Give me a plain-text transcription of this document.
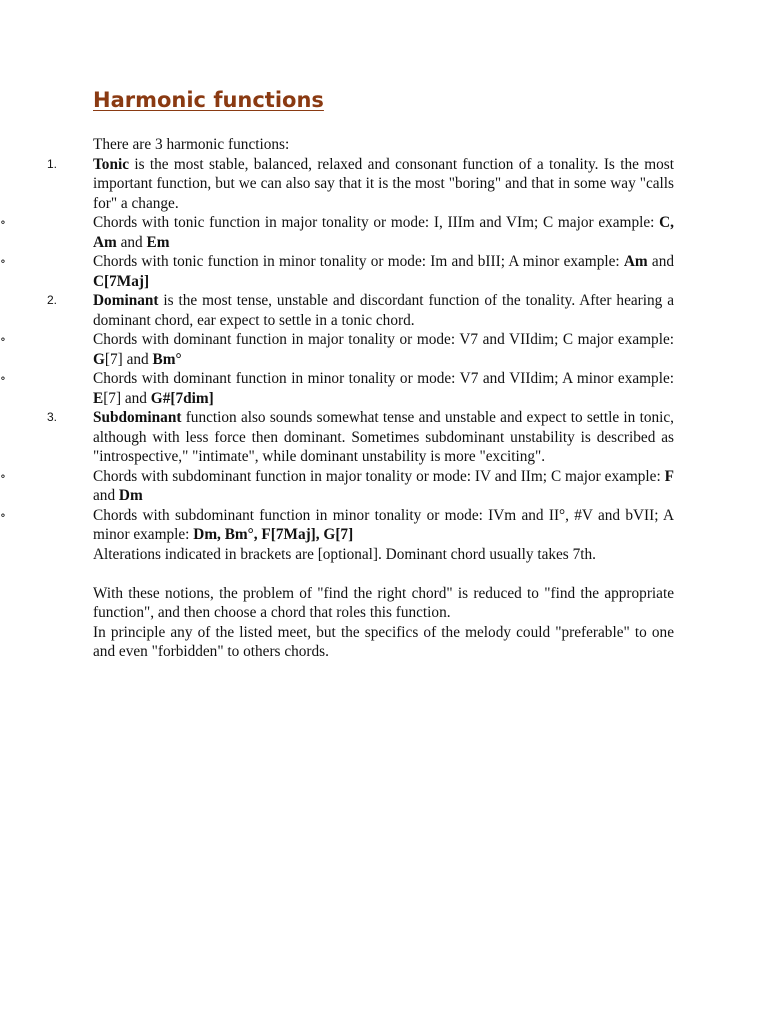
Harmonic functions

There are 3 harmonic functions:

1. Tonic is the most stable, balanced, relaxed and consonant function of a tonality. Is the most important function, but we can also say that it is the most "boring" and that in some way "calls for" a change.

∘	Chords with tonic function in major tonality or mode: I, IIIm and VIm; C major example: C, Am and Em

∘	Chords with tonic function in minor tonality or mode: Im and bIII; A minor example: Am and C[7Maj]

2. Dominant is the most tense, unstable and discordant function of the tonality. After hearing a dominant chord, ear expect to settle in a tonic chord.

∘	Chords with dominant function in major tonality or mode: V7 and VIIdim; C major example: G[7] and Bm°

∘	Chords with dominant function in minor tonality or mode: V7 and VIIdim; A minor example: E[7] and G#[7dim]

3. Subdominant function also sounds somewhat tense and unstable and expect to settle in tonic, although with less force then dominant. Sometimes subdominant unstability is described as "introspective," "intimate", while dominant unstability is more "exciting".

∘	Chords with subdominant function in major tonality or mode: IV and IIm; C major example: F and Dm

∘	Chords with subdominant function in minor tonality or mode: IVm and II°, #V and bVII; A minor example: Dm, Bm°, F[7Maj], G[7]

Alterations indicated in brackets are [optional]. Dominant chord usually takes 7th.

With these notions, the problem of "find the right chord" is reduced to "find the appropriate function", and then choose a chord that roles this function.

In principle any of the listed meet, but the specifics of the melody could "preferable" to one and even "forbidden" to others chords.
